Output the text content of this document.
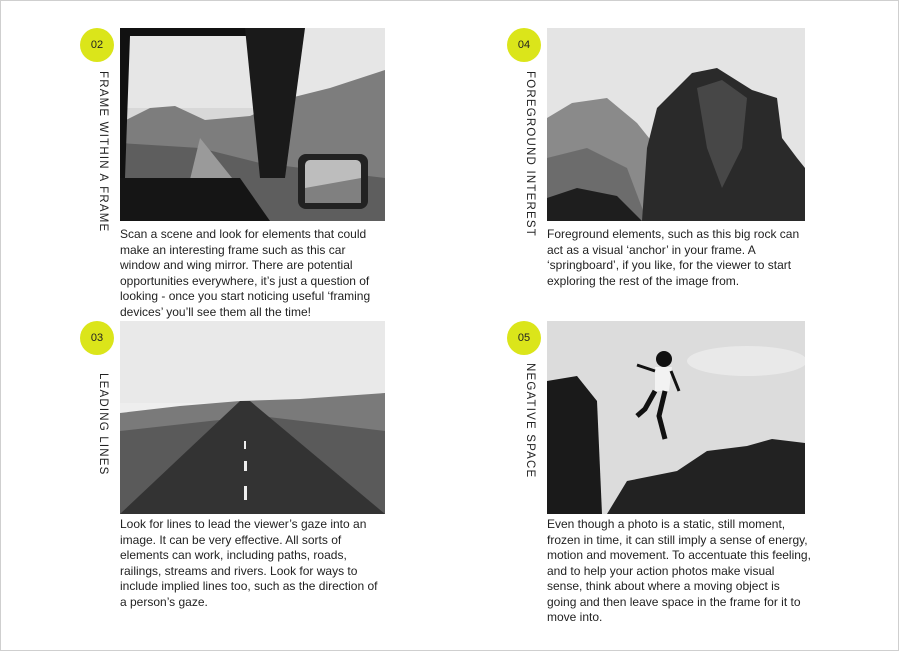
02
FRAME WITHIN A FRAME

Scan a scene and look for elements that could make an interesting frame such as this car window and wing mirror. There are potential opportunities everywhere, it’s just a question of looking - once you start noticing useful ‘framing devices’ you’ll see them all the time!

04
FOREGROUND INTEREST Foreground elements, such as this big rock can act as a visual ‘anchor’ in your frame. A ‘springboard’, if you like, for the viewer to start exploring the rest of the image from.

03
LEADING LINES

Look for lines to lead the viewer’s gaze into an image. It can be very effective. All sorts of elements can work, including paths, roads, railings, streams and rivers. Look for ways to include implied lines too, such as the direction of a person’s gaze.

05
NEGATIVE SPACE

Even though a photo is a static, still moment, frozen in time, it can still imply a sense of energy, motion and movement. To accentuate this feeling, and to help your action photos make visual sense, think about where a moving object is going and then leave space in the frame for it to move into.
